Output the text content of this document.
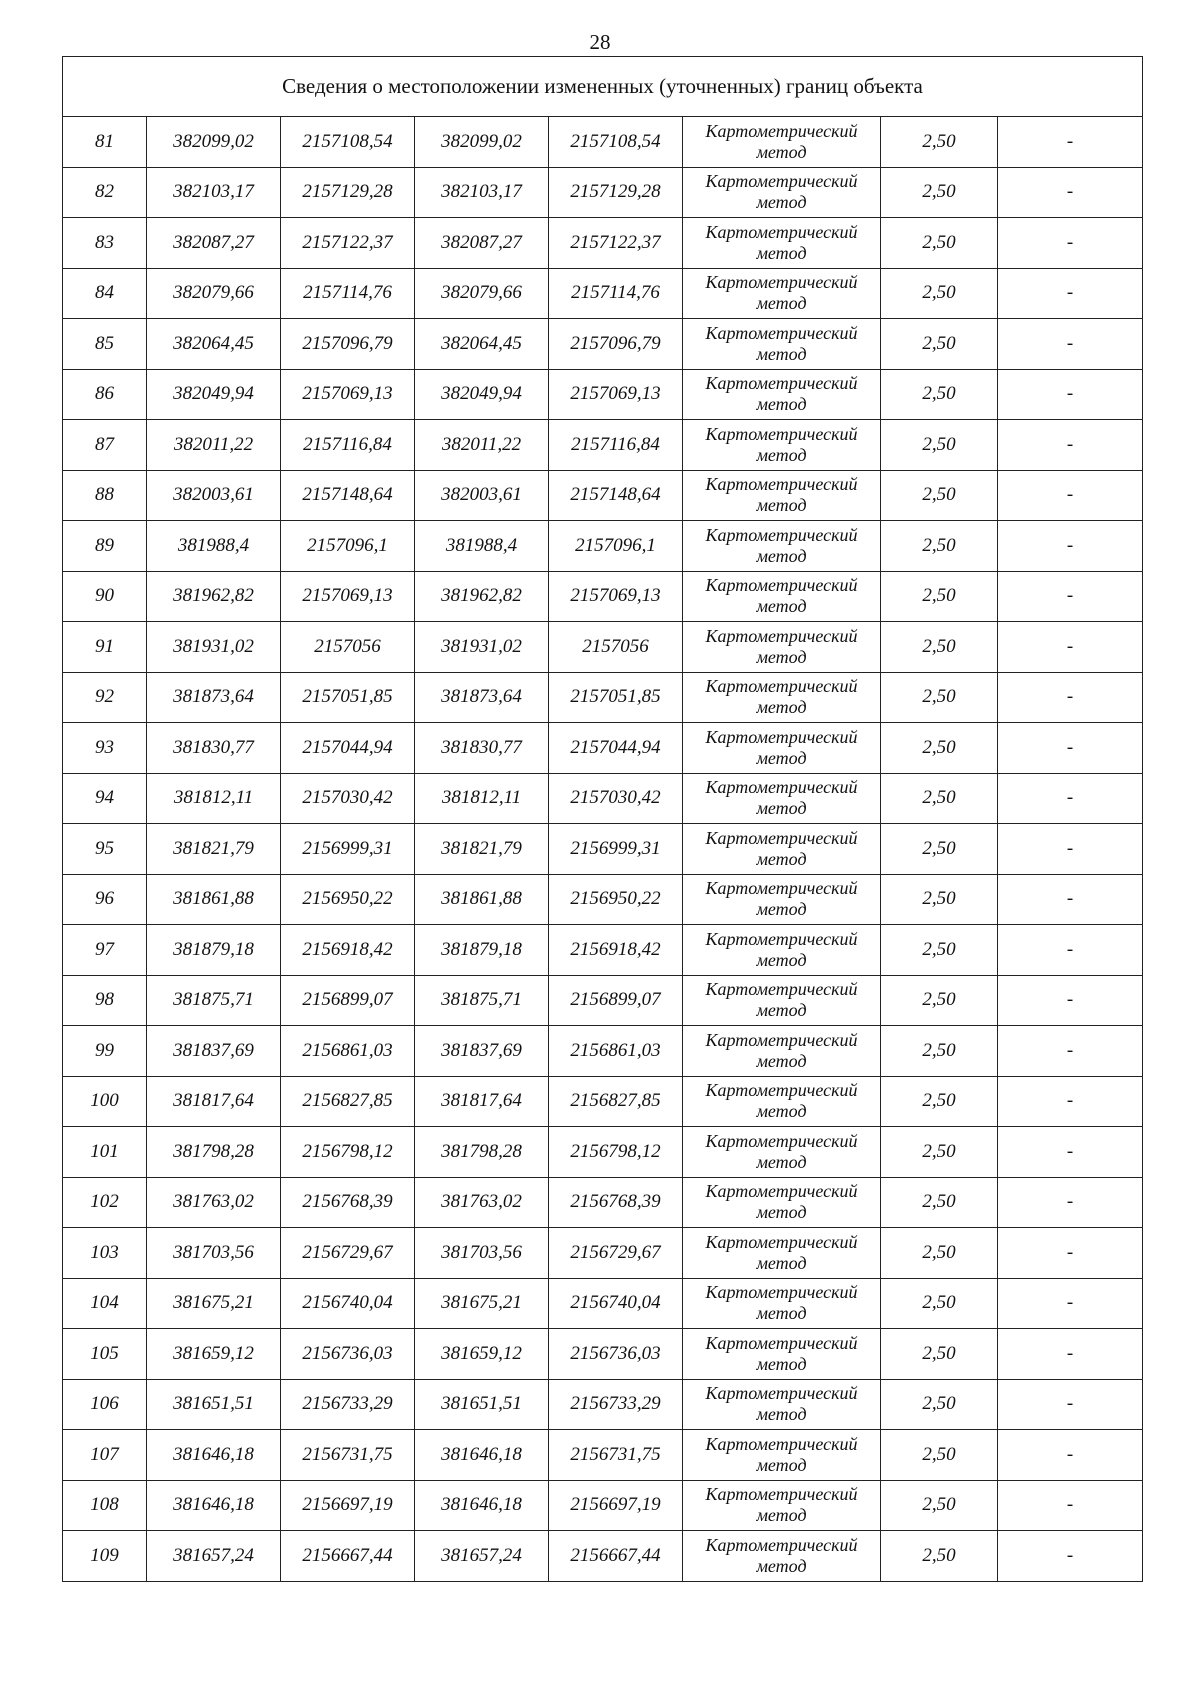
28
Сведения о местоположении измененных (уточненных) границ объекта							
81	382099,02	2157108,54	382099,02	2157108,54	Картометрический
метод	2,50	-
82	382103,17	2157129,28	382103,17	2157129,28	Картометрический
метод	2,50	-
83	382087,27	2157122,37	382087,27	2157122,37	Картометрический
метод	2,50	-
84	382079,66	2157114,76	382079,66	2157114,76	Картометрический
метод	2,50	-
85	382064,45	2157096,79	382064,45	2157096,79	Картометрический
метод	2,50	-
86	382049,94	2157069,13	382049,94	2157069,13	Картометрический
метод	2,50	-
87	382011,22	2157116,84	382011,22	2157116,84	Картометрический
метод	2,50	-
88	382003,61	2157148,64	382003,61	2157148,64	Картометрический
метод	2,50	-
89	381988,4	2157096,1	381988,4	2157096,1	Картометрический
метод	2,50	-
90	381962,82	2157069,13	381962,82	2157069,13	Картометрический
метод	2,50	-
91	381931,02	2157056	381931,02	2157056	Картометрический
метод	2,50	-
92	381873,64	2157051,85	381873,64	2157051,85	Картометрический
метод	2,50	-
93	381830,77	2157044,94	381830,77	2157044,94	Картометрический
метод	2,50	-
94	381812,11	2157030,42	381812,11	2157030,42	Картометрический
метод	2,50	-
95	381821,79	2156999,31	381821,79	2156999,31	Картометрический
метод	2,50	-
96	381861,88	2156950,22	381861,88	2156950,22	Картометрический
метод	2,50	-
97	381879,18	2156918,42	381879,18	2156918,42	Картометрический
метод	2,50	-
98	381875,71	2156899,07	381875,71	2156899,07	Картометрический
метод	2,50	-
99	381837,69	2156861,03	381837,69	2156861,03	Картометрический
метод	2,50	-
100	381817,64	2156827,85	381817,64	2156827,85	Картометрический
метод	2,50	-
101	381798,28	2156798,12	381798,28	2156798,12	Картометрический
метод	2,50	-
102	381763,02	2156768,39	381763,02	2156768,39	Картометрический
метод	2,50	-
103	381703,56	2156729,67	381703,56	2156729,67	Картометрический
метод	2,50	-
104	381675,21	2156740,04	381675,21	2156740,04	Картометрический
метод	2,50	-
105	381659,12	2156736,03	381659,12	2156736,03	Картометрический
метод	2,50	-
106	381651,51	2156733,29	381651,51	2156733,29	Картометрический
метод	2,50	-
107	381646,18	2156731,75	381646,18	2156731,75	Картометрический
метод	2,50	-
108	381646,18	2156697,19	381646,18	2156697,19	Картометрический
метод	2,50	-
109	381657,24	2156667,44	381657,24	2156667,44	Картометрический
метод	2,50	-
